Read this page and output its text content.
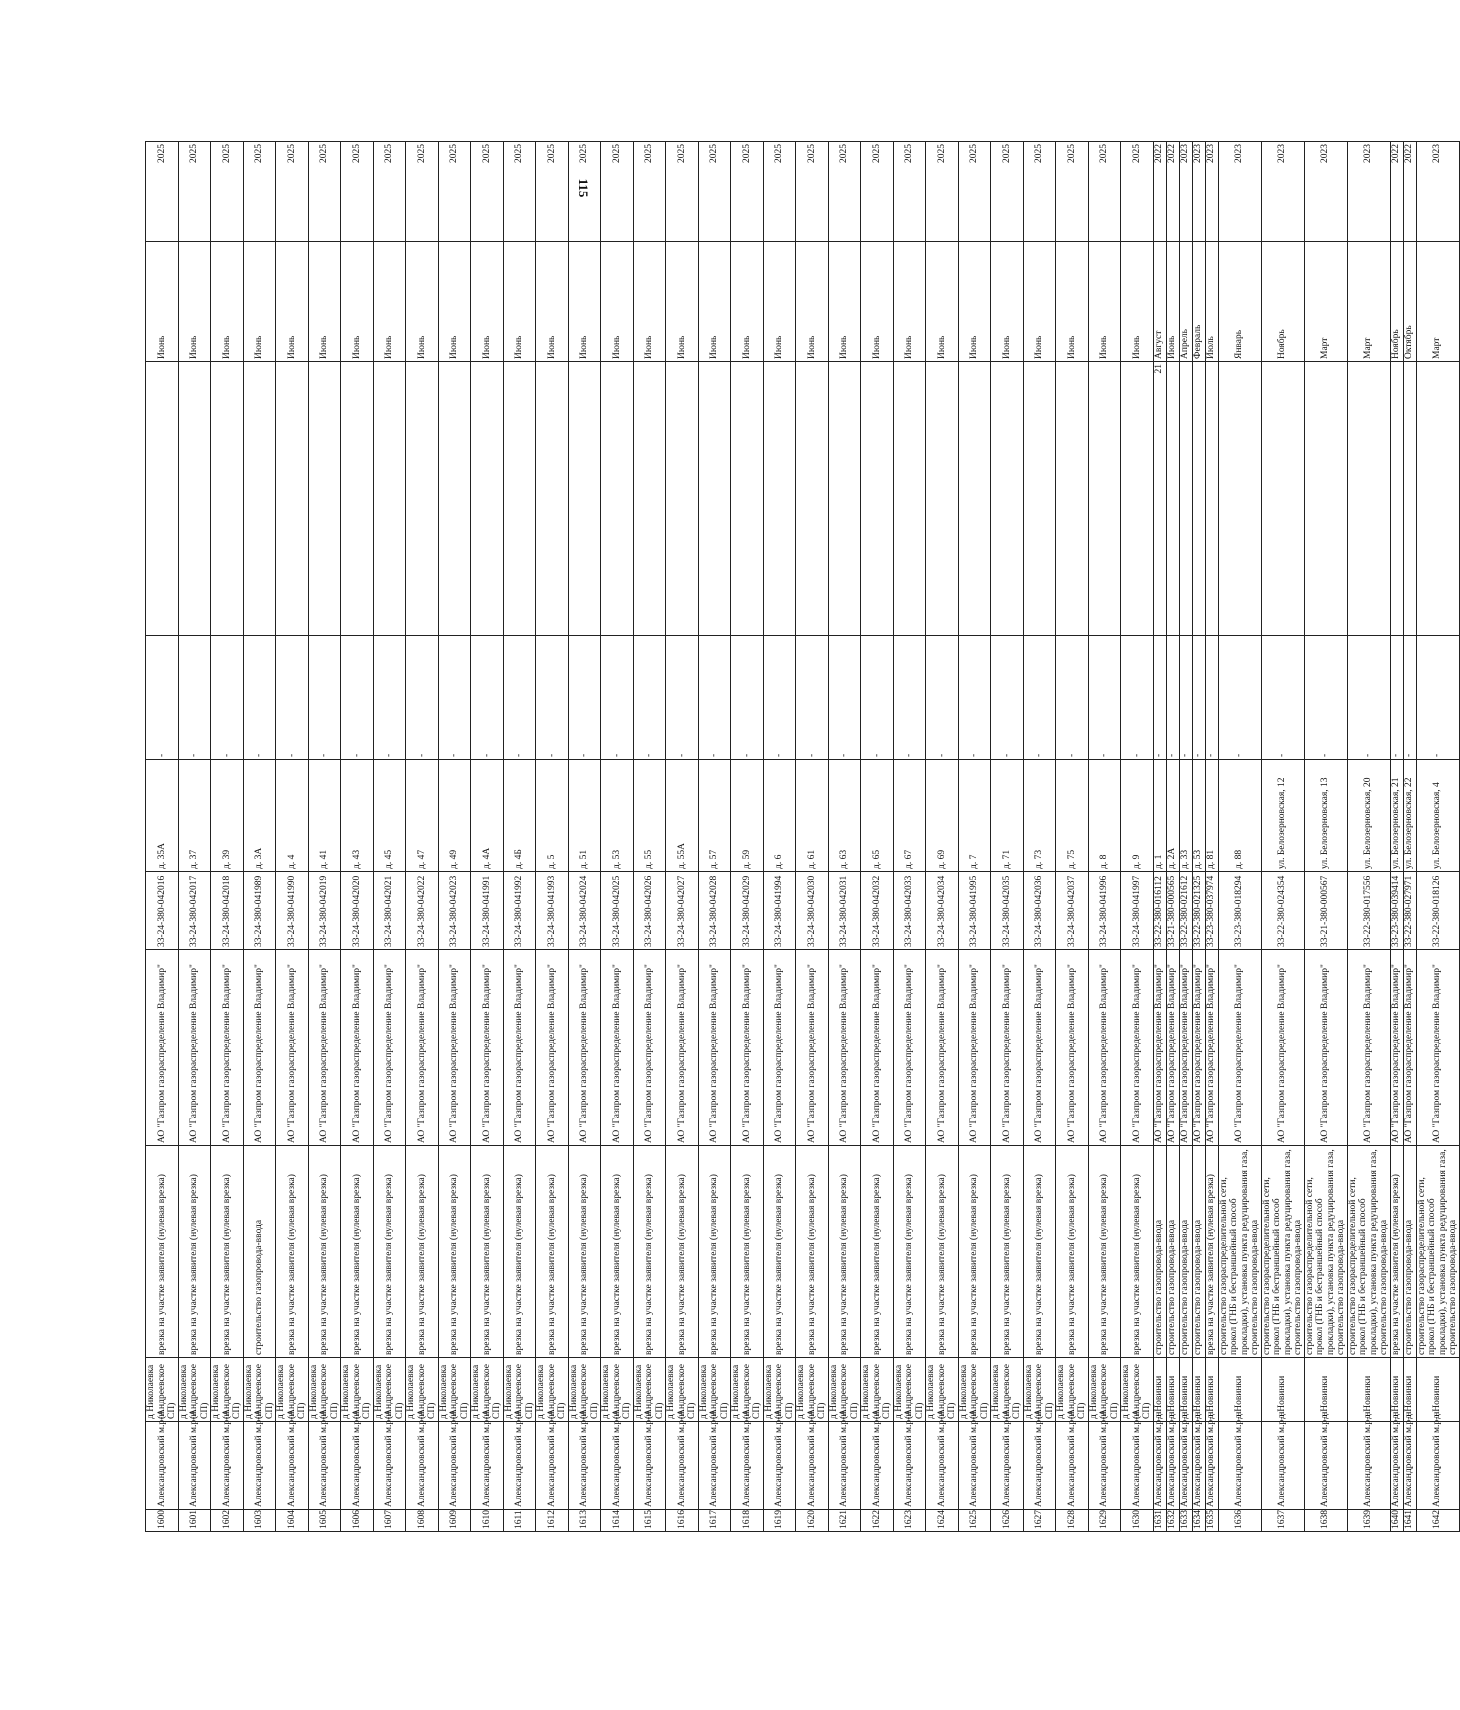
115
1600	Александровский м.р-н	д Николаевка (Андреевское СП)	врезка на участке заявителя (нулевая врезка)	АО "Газпром газораспределение Владимир"	33-24-380-042016	д. 35А	-		Июнь	2025
1601	Александровский м.р-н	д Николаевка (Андреевское СП)	врезка на участке заявителя (нулевая врезка)	АО "Газпром газораспределение Владимир"	33-24-380-042017	д. 37	-		Июнь	2025
1602	Александровский м.р-н	д Николаевка (Андреевское СП)	врезка на участке заявителя (нулевая врезка)	АО "Газпром газораспределение Владимир"	33-24-380-042018	д. 39	-		Июнь	2025
1603	Александровский м.р-н	д Николаевка (Андреевское СП)	строительство газопровода-ввода	АО "Газпром газораспределение Владимир"	33-24-380-041989	д. 3А	-		Июнь	2025
1604	Александровский м.р-н	д Николаевка (Андреевское СП)	врезка на участке заявителя (нулевая врезка)	АО "Газпром газораспределение Владимир"	33-24-380-041990	д. 4	-		Июнь	2025
1605	Александровский м.р-н	д Николаевка (Андреевское СП)	врезка на участке заявителя (нулевая врезка)	АО "Газпром газораспределение Владимир"	33-24-380-042019	д. 41	-		Июнь	2025
1606	Александровский м.р-н	д Николаевка (Андреевское СП)	врезка на участке заявителя (нулевая врезка)	АО "Газпром газораспределение Владимир"	33-24-380-042020	д. 43	-		Июнь	2025
1607	Александровский м.р-н	д Николаевка (Андреевское СП)	врезка на участке заявителя (нулевая врезка)	АО "Газпром газораспределение Владимир"	33-24-380-042021	д. 45	-		Июнь	2025
1608	Александровский м.р-н	д Николаевка (Андреевское СП)	врезка на участке заявителя (нулевая врезка)	АО "Газпром газораспределение Владимир"	33-24-380-042022	д. 47	-		Июнь	2025
1609	Александровский м.р-н	д Николаевка (Андреевское СП)	врезка на участке заявителя (нулевая врезка)	АО "Газпром газораспределение Владимир"	33-24-380-042023	д. 49	-		Июнь	2025
1610	Александровский м.р-н	д Николаевка (Андреевское СП)	врезка на участке заявителя (нулевая врезка)	АО "Газпром газораспределение Владимир"	33-24-380-041991	д. 4А	-		Июнь	2025
1611	Александровский м.р-н	д Николаевка (Андреевское СП)	врезка на участке заявителя (нулевая врезка)	АО "Газпром газораспределение Владимир"	33-24-380-041992	д. 4Б	-		Июнь	2025
1612	Александровский м.р-н	д Николаевка (Андреевское СП)	врезка на участке заявителя (нулевая врезка)	АО "Газпром газораспределение Владимир"	33-24-380-041993	д. 5	-		Июнь	2025
1613	Александровский м.р-н	д Николаевка (Андреевское СП)	врезка на участке заявителя (нулевая врезка)	АО "Газпром газораспределение Владимир"	33-24-380-042024	д. 51	-		Июнь	2025
1614	Александровский м.р-н	д Николаевка (Андреевское СП)	врезка на участке заявителя (нулевая врезка)	АО "Газпром газораспределение Владимир"	33-24-380-042025	д. 53	-		Июнь	2025
1615	Александровский м.р-н	д Николаевка (Андреевское СП)	врезка на участке заявителя (нулевая врезка)	АО "Газпром газораспределение Владимир"	33-24-380-042026	д. 55	-		Июнь	2025
1616	Александровский м.р-н	д Николаевка (Андреевское СП)	врезка на участке заявителя (нулевая врезка)	АО "Газпром газораспределение Владимир"	33-24-380-042027	д. 55А	-		Июнь	2025
1617	Александровский м.р-н	д Николаевка (Андреевское СП)	врезка на участке заявителя (нулевая врезка)	АО "Газпром газораспределение Владимир"	33-24-380-042028	д. 57	-		Июнь	2025
1618	Александровский м.р-н	д Николаевка (Андреевское СП)	врезка на участке заявителя (нулевая врезка)	АО "Газпром газораспределение Владимир"	33-24-380-042029	д. 59	-		Июнь	2025
1619	Александровский м.р-н	д Николаевка (Андреевское СП)	врезка на участке заявителя (нулевая врезка)	АО "Газпром газораспределение Владимир"	33-24-380-041994	д. 6	-		Июнь	2025
1620	Александровский м.р-н	д Николаевка (Андреевское СП)	врезка на участке заявителя (нулевая врезка)	АО "Газпром газораспределение Владимир"	33-24-380-042030	д. 61	-		Июнь	2025
1621	Александровский м.р-н	д Николаевка (Андреевское СП)	врезка на участке заявителя (нулевая врезка)	АО "Газпром газораспределение Владимир"	33-24-380-042031	д. 63	-		Июнь	2025
1622	Александровский м.р-н	д Николаевка (Андреевское СП)	врезка на участке заявителя (нулевая врезка)	АО "Газпром газораспределение Владимир"	33-24-380-042032	д. 65	-		Июнь	2025
1623	Александровский м.р-н	д Николаевка (Андреевское СП)	врезка на участке заявителя (нулевая врезка)	АО "Газпром газораспределение Владимир"	33-24-380-042033	д. 67	-		Июнь	2025
1624	Александровский м.р-н	д Николаевка (Андреевское СП)	врезка на участке заявителя (нулевая врезка)	АО "Газпром газораспределение Владимир"	33-24-380-042034	д. 69	-		Июнь	2025
1625	Александровский м.р-н	д Николаевка (Андреевское СП)	врезка на участке заявителя (нулевая врезка)	АО "Газпром газораспределение Владимир"	33-24-380-041995	д. 7	-		Июнь	2025
1626	Александровский м.р-н	д Николаевка (Андреевское СП)	врезка на участке заявителя (нулевая врезка)	АО "Газпром газораспределение Владимир"	33-24-380-042035	д. 71	-		Июнь	2025
1627	Александровский м.р-н	д Николаевка (Андреевское СП)	врезка на участке заявителя (нулевая врезка)	АО "Газпром газораспределение Владимир"	33-24-380-042036	д. 73	-		Июнь	2025
1628	Александровский м.р-н	д Николаевка (Андреевское СП)	врезка на участке заявителя (нулевая врезка)	АО "Газпром газораспределение Владимир"	33-24-380-042037	д. 75	-		Июнь	2025
1629	Александровский м.р-н	д Николаевка (Андреевское СП)	врезка на участке заявителя (нулевая врезка)	АО "Газпром газораспределение Владимир"	33-24-380-041996	д. 8	-		Июнь	2025
1630	Александровский м.р-н	д Николаевка (Андреевское СП)	врезка на участке заявителя (нулевая врезка)	АО "Газпром газораспределение Владимир"	33-24-380-041997	д. 9	-		Июнь	2025
1631	Александровский м.р-н	д Новинки	строительство газопровода-ввода	АО "Газпром газораспределение Владимир"	33-22-380-016112	д. 1	-	21	Август	2022
1632	Александровский м.р-н	д Новинки	строительство газопровода-ввода	АО "Газпром газораспределение Владимир"	33-21-380-000565	д. 2А	-		Июнь	2022
1633	Александровский м.р-н	д Новинки	строительство газопровода-ввода	АО "Газпром газораспределение Владимир"	33-22-380-021612	д. 33	-		Апрель	2023
1634	Александровский м.р-н	д Новинки	строительство газопровода-ввода	АО "Газпром газораспределение Владимир"	33-22-380-021325	д. 53	-		Февраль	2023
1635	Александровский м.р-н	д Новинки	врезка на участке заявителя (нулевая врезка)	АО "Газпром газораспределение Владимир"	33-23-380-037974	д. 81	-		Июль	2023
1636	Александровский м.р-н	д Новинки	строительство газораспределительной сети, прокол (ГНБ и бестраншейный способ прокладки), установка пункта редуцирования газа, строительство газопровода-ввода	АО "Газпром газораспределение Владимир"	33-23-380-018294	д. 88	-		Январь	2023
1637	Александровский м.р-н	д Новинки	строительство газораспределительной сети, прокол (ГНБ и бестраншейный способ прокладки), установка пункта редуцирования газа, строительство газопровода-ввода	АО "Газпром газораспределение Владимир"	33-22-380-024354	ул. Белозерновская, 12	-		Ноябрь	2023
1638	Александровский м.р-н	д Новинки	строительство газораспределительной сети, прокол (ГНБ и бестраншейный способ прокладки), установка пункта редуцирования газа, строительство газопровода-ввода	АО "Газпром газораспределение Владимир"	33-21-380-000567	ул. Белозерновская, 13	-		Март	2023
1639	Александровский м.р-н	д Новинки	строительство газораспределительной сети, прокол (ГНБ и бестраншейный способ прокладки), установка пункта редуцирования газа, строительство газопровода-ввода	АО "Газпром газораспределение Владимир"	33-22-380-017556	ул. Белозерновская, 20	-		Март	2023
1640	Александровский м.р-н	д Новинки	врезка на участке заявителя (нулевая врезка)	АО "Газпром газораспределение Владимир"	33-23-380-039414	ул. Белозерновская, 21	-		Ноябрь	2022
1641	Александровский м.р-н	д Новинки	строительство газопровода-ввода	АО "Газпром газораспределение Владимир"	33-22-380-027971	ул. Белозерновская, 22	-		Октябрь	2022
1642	Александровский м.р-н	д Новинки	строительство газораспределительной сети, прокол (ГНБ и бестраншейный способ прокладки), установка пункта редуцирования газа, строительство газопровода-ввода	АО "Газпром газораспределение Владимир"	33-22-380-018126	ул. Белозерновская, 4	-		Март	2023
